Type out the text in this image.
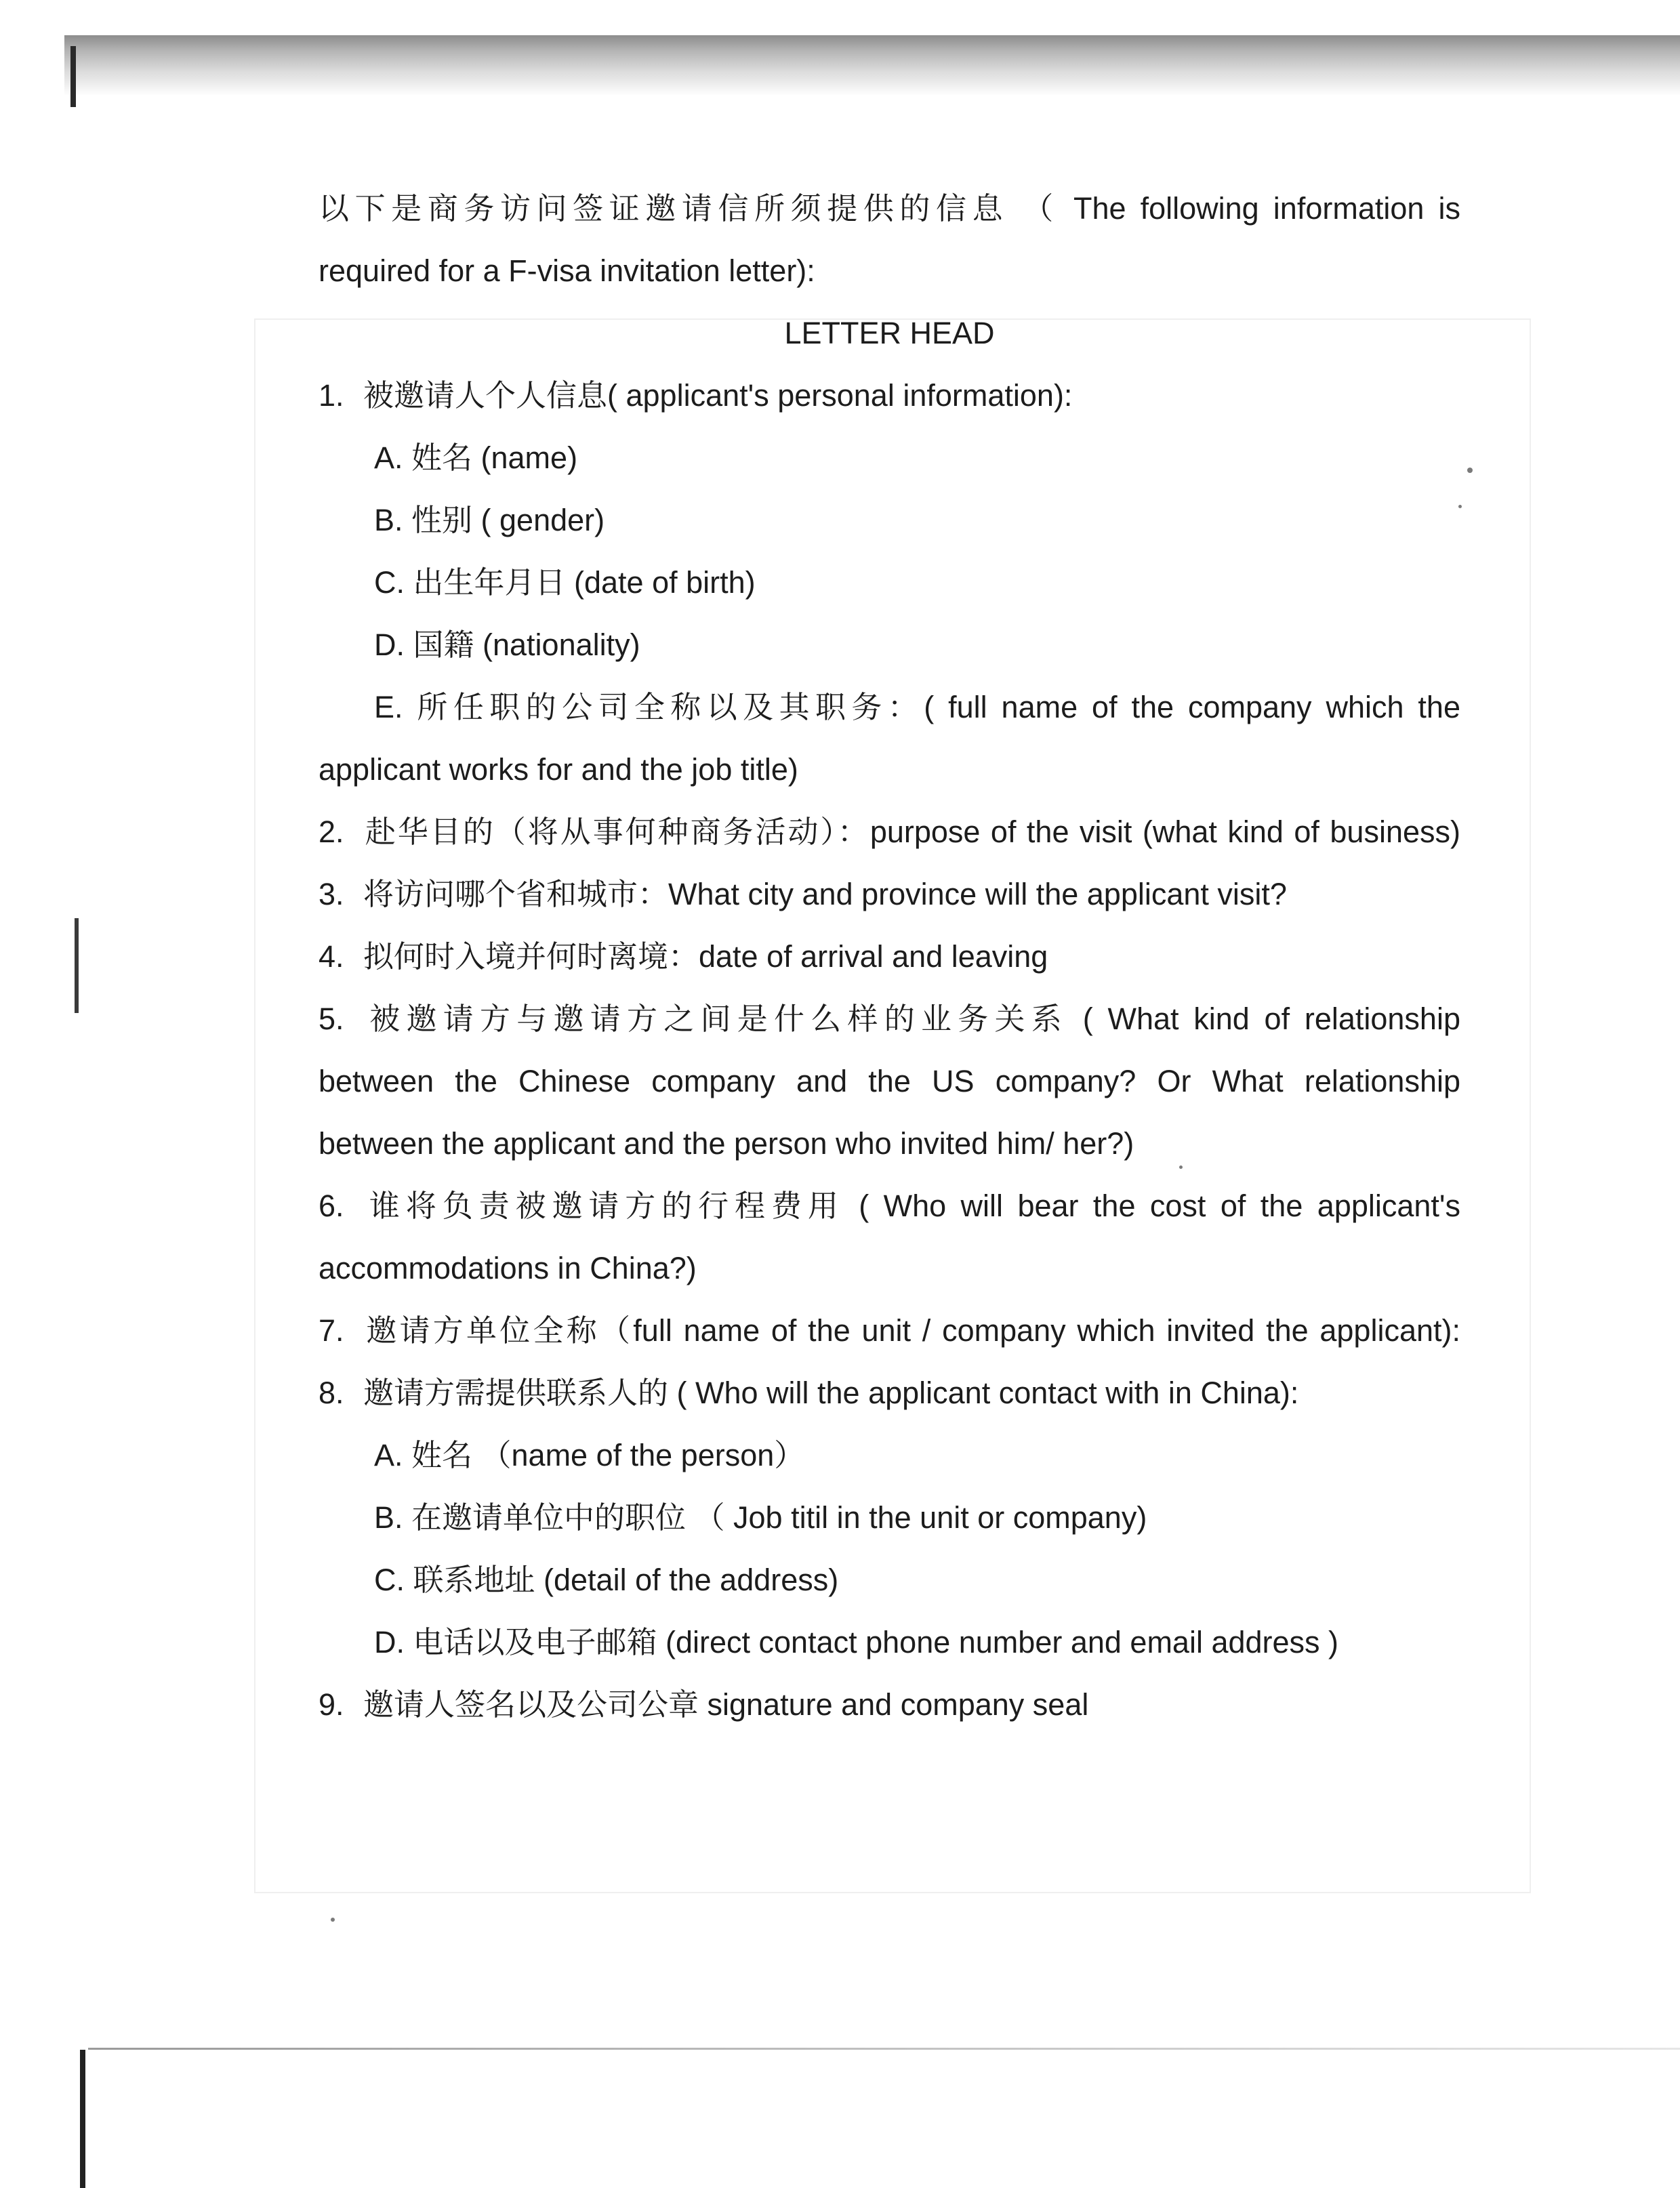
以下是商务访问签证邀请信所须提供的信息 （ The following information is

required for a F-visa invitation letter):

LETTER HEAD

1. 被邀请人个人信息( applicant's personal information):

A. 姓名 (name)

B. 性别 ( gender)

C. 出生年月日 (date of birth)

D. 国籍 (nationality)

E. 所任职的公司全称以及其职务：( full name of the company which the

applicant works for and the job title)

2. 赴华目的（将从事何种商务活动）：purpose of the visit (what kind of business)

3. 将访问哪个省和城市：What city and province will the applicant visit?

4. 拟何时入境并何时离境：date of arrival and leaving

5. 被邀请方与邀请方之间是什么样的业务关系 ( What kind of relationship

between the Chinese company and the US company? Or What relationship

between the applicant and the person who invited him/ her?)

6. 谁将负责被邀请方的行程费用 ( Who will bear the cost of the applicant's

accommodations in China?)

7. 邀请方单位全称（full name of the unit / company which invited the applicant):

8. 邀请方需提供联系人的 ( Who will the applicant contact with in China):

A. 姓名 （name of the person）

B. 在邀请单位中的职位 （ Job titil in the unit or company)

C. 联系地址 (detail of the address)

D. 电话以及电子邮箱 (direct contact phone number and email address )

9. 邀请人签名以及公司公章 signature and company seal
